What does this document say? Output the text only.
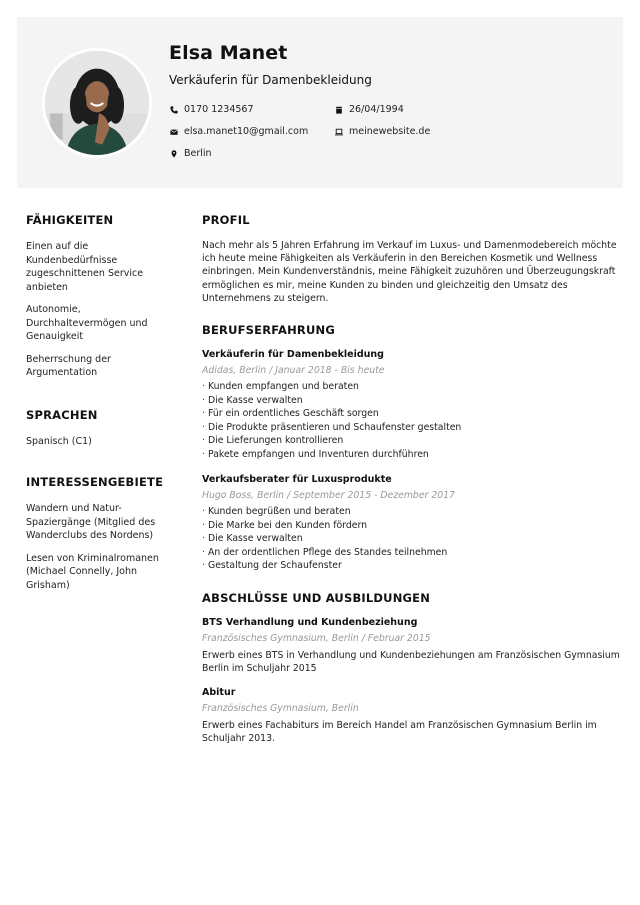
Elsa Manet
Verkäuferin für Damenbekleidung
0170 1234567	26/04/1994
elsa.manet10@gmail.com	meinewebsite.de
Berlin
FÄHIGKEITEN
Einen auf die Kundenbedürfnisse zugeschnittenen Service anbieten
Autonomie, Durchhaltevermögen und Genauigkeit
Beherrschung der Argumentation
SPRACHEN
Spanisch (C1)
INTERESSENGEBIETE
Wandern und Natur-Spaziergänge (Mitglied des Wanderclubs des Nordens)
Lesen von Kriminalromanen (Michael Connelly, John Grisham)
PROFIL
Nach mehr als 5 Jahren Erfahrung im Verkauf im Luxus- und Damenmodebereich möchte ich heute meine Fähigkeiten als Verkäuferin in den Bereichen Kosmetik und Wellness einbringen. Mein Kundenverständnis, meine Fähigkeit zuzuhören und Überzeugungskraft ermöglichen es mir, meine Kunden zu binden und gleichzeitig den Umsatz des Unternehmens zu steigern.
BERUFSERFAHRUNG
Verkäuferin für Damenbekleidung
Adidas, Berlin / Januar 2018 - Bis heute
· Kunden empfangen und beraten
· Die Kasse verwalten
· Für ein ordentliches Geschäft sorgen
· Die Produkte präsentieren und Schaufenster gestalten
· Die Lieferungen kontrollieren
· Pakete empfangen und Inventuren durchführen
Verkaufsberater für Luxusprodukte
Hugo Boss, Berlin / September 2015 - Dezember 2017
· Kunden begrüßen und beraten
· Die Marke bei den Kunden fördern
· Die Kasse verwalten
· An der ordentlichen Pflege des Standes teilnehmen
· Gestaltung der Schaufenster
ABSCHLÜSSE UND AUSBILDUNGEN
BTS Verhandlung und Kundenbeziehung
Französisches Gymnasium, Berlin / Februar 2015
Erwerb eines BTS in Verhandlung und Kundenbeziehungen am Französischen Gymnasium Berlin im Schuljahr 2015
Abitur
Französisches Gymnasium, Berlin
Erwerb eines Fachabiturs im Bereich Handel am Französischen Gymnasium Berlin im Schuljahr 2013.
